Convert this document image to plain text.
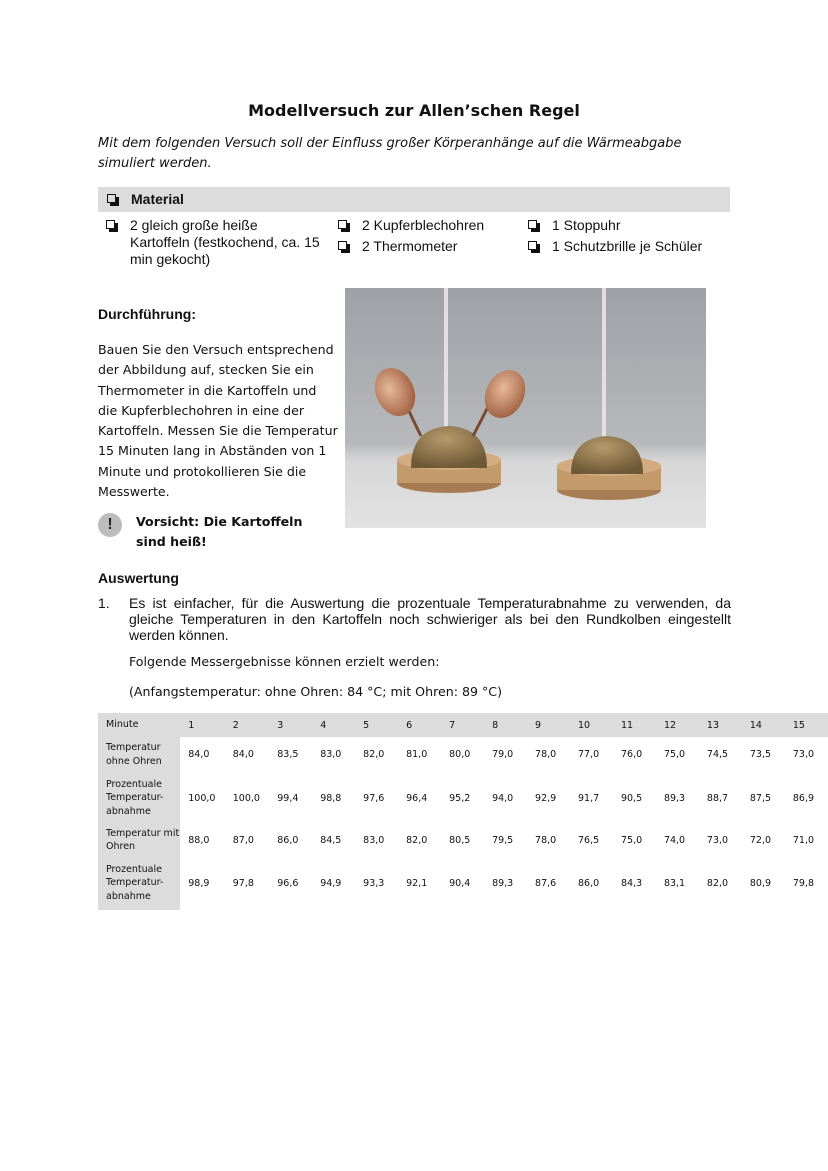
Modellversuch zur Allen’schen Regel
Mit dem folgenden Versuch soll der Einfluss großer Körperanhänge auf die Wärmeabgabe simuliert werden.
Material
2 gleich große heiße Kartoffeln (festkochend, ca. 15 min gekocht)
2 Kupferblechohren
2 Thermometer
1 Stoppuhr
1 Schutzbrille je Schüler
Durchführung:
Bauen Sie den Versuch entsprechend der Abbildung auf, stecken Sie ein Thermometer in die Kartoffeln und die Kupferblechohren in eine der Kartoffeln. Messen Sie die Temperatur 15 Minuten lang in Abständen von 1 Minute und protokollieren Sie die Messwerte.
!	Vorsicht: Die Kartoffeln sind heiß!
Auswertung
1. Es ist einfacher, für die Auswertung die prozentuale Temperaturabnahme zu verwenden, da gleiche Temperaturen in den Kartoffeln noch schwieriger als bei den Rundkolben eingestellt werden können.
Folgende Messergebnisse können erzielt werden:
(Anfangstemperatur: ohne Ohren: 84 °C; mit Ohren: 89 °C)
Minute	1	2	3	4	5	6	7	8	9	10	11	12	13	14	15
Temperatur ohne Ohren	84,0	84,0	83,5	83,0	82,0	81,0	80,0	79,0	78,0	77,0	76,0	75,0	74,5	73,5	73,0
Prozentuale Temperatur-abnahme	100,0	100,0	99,4	98,8	97,6	96,4	95,2	94,0	92,9	91,7	90,5	89,3	88,7	87,5	86,9
Temperatur mit Ohren	88,0	87,0	86,0	84,5	83,0	82,0	80,5	79,5	78,0	76,5	75,0	74,0	73,0	72,0	71,0
Prozentuale Temperatur-abnahme	98,9	97,8	96,6	94,9	93,3	92,1	90,4	89,3	87,6	86,0	84,3	83,1	82,0	80,9	79,8
